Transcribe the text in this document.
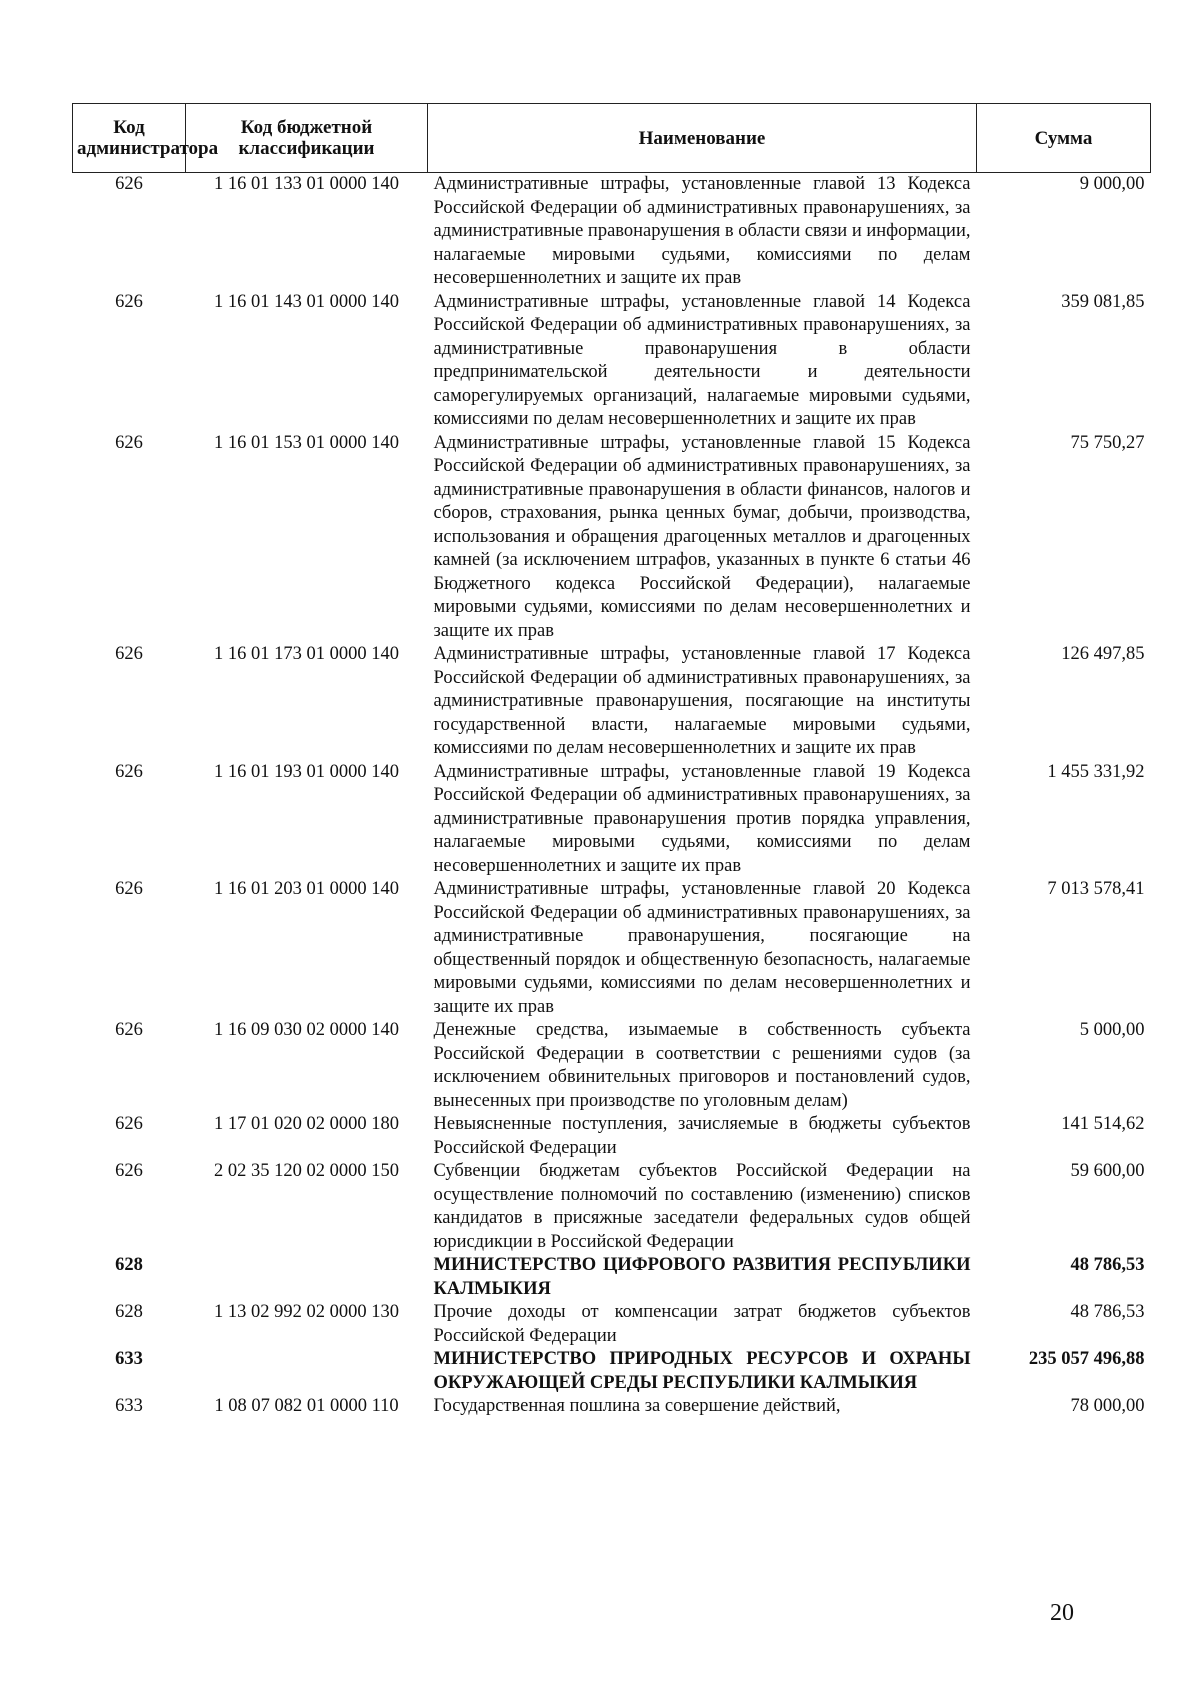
Код администратора	Код бюджетной классификации	Наименование	Сумма
626	1 16 01 133 01 0000 140	Административные штрафы, установленные главой 13 Кодекса Российской Федерации об административных правонарушениях, за административные правонарушения в области связи и информации, налагаемые мировыми судьями, комиссиями по делам несовершеннолетних и защите их прав	9 000,00
626	1 16 01 143 01 0000 140	Административные штрафы, установленные главой 14 Кодекса Российской Федерации об административных правонарушениях, за административные правонарушения в области предпринимательской деятельности и деятельности саморегулируемых организаций, налагаемые мировыми судьями, комиссиями по делам несовершеннолетних и защите их прав	359 081,85
626	1 16 01 153 01 0000 140	Административные штрафы, установленные главой 15 Кодекса Российской Федерации об административных правонарушениях, за административные правонарушения в области финансов, налогов и сборов, страхования, рынка ценных бумаг, добычи, производства, использования и обращения драгоценных металлов и драгоценных камней (за исключением штрафов, указанных в пункте 6 статьи 46 Бюджетного кодекса Российской Федерации), налагаемые мировыми судьями, комиссиями по делам несовершеннолетних и защите их прав	75 750,27
626	1 16 01 173 01 0000 140	Административные штрафы, установленные главой 17 Кодекса Российской Федерации об административных правонарушениях, за административные правонарушения, посягающие на институты государственной власти, налагаемые мировыми судьями, комиссиями по делам несовершеннолетних и защите их прав	126 497,85
626	1 16 01 193 01 0000 140	Административные штрафы, установленные главой 19 Кодекса Российской Федерации об административных правонарушениях, за административные правонарушения против порядка управления, налагаемые мировыми судьями, комиссиями по делам несовершеннолетних и защите их прав	1 455 331,92
626	1 16 01 203 01 0000 140	Административные штрафы, установленные главой 20 Кодекса Российской Федерации об административных правонарушениях, за административные правонарушения, посягающие на общественный порядок и общественную безопасность, налагаемые мировыми судьями, комиссиями по делам несовершеннолетних и защите их прав	7 013 578,41
626	1 16 09 030 02 0000 140	Денежные средства, изымаемые в собственность субъекта Российской Федерации в соответствии с решениями судов (за исключением обвинительных приговоров и постановлений судов, вынесенных при производстве по уголовным делам)	5 000,00
626	1 17 01 020 02 0000 180	Невыясненные поступления, зачисляемые в бюджеты субъектов Российской Федерации	141 514,62
626	2 02 35 120 02 0000 150	Субвенции бюджетам субъектов Российской Федерации на осуществление полномочий по составлению (изменению) списков кандидатов в присяжные заседатели федеральных судов общей юрисдикции в Российской Федерации	59 600,00
628		МИНИСТЕРСТВО ЦИФРОВОГО РАЗВИТИЯ РЕСПУБЛИКИ КАЛМЫКИЯ	48 786,53
628	1 13 02 992 02 0000 130	Прочие доходы от компенсации затрат бюджетов субъектов Российской Федерации	48 786,53
633		МИНИСТЕРСТВО ПРИРОДНЫХ РЕСУРСОВ И ОХРАНЫ ОКРУЖАЮЩЕЙ СРЕДЫ РЕСПУБЛИКИ КАЛМЫКИЯ	235 057 496,88
633	1 08 07 082 01 0000 110	Государственная пошлина за совершение действий,	78 000,00
20
